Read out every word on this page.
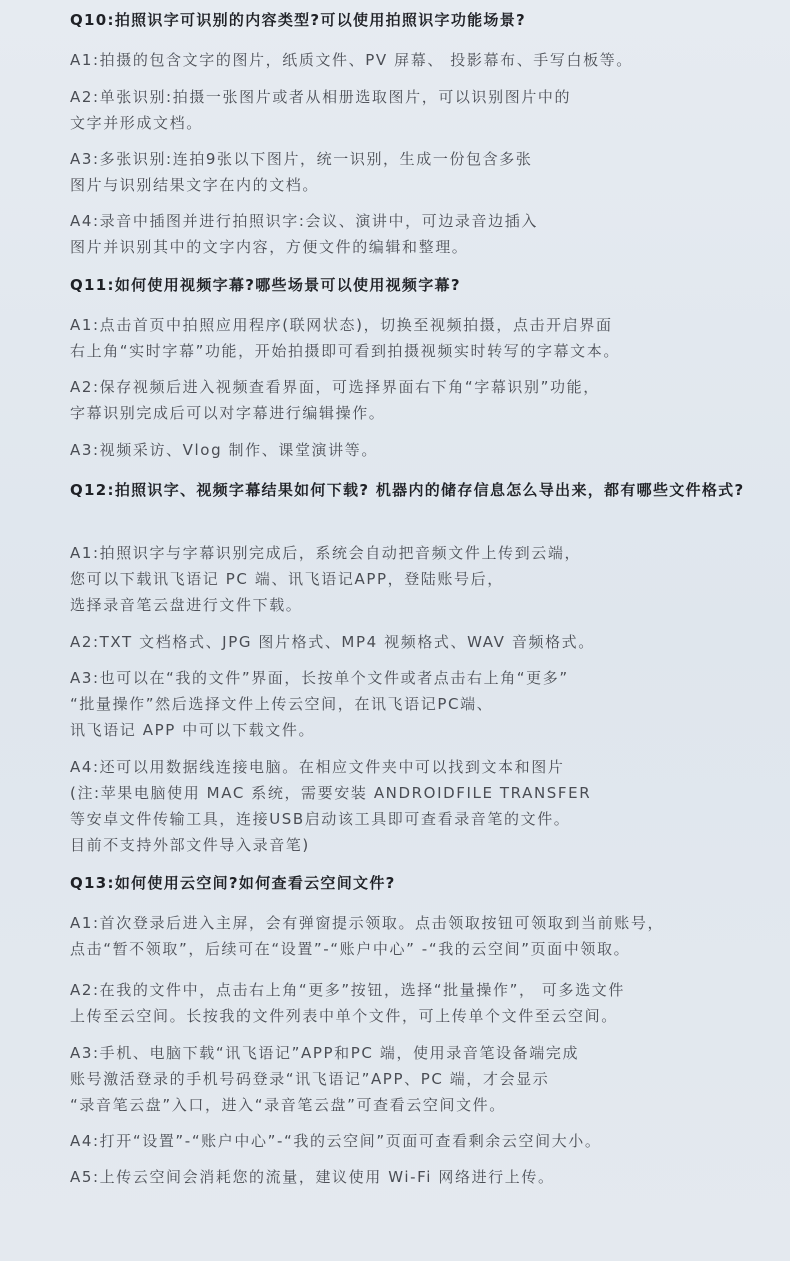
Q10:拍照识字可识别的内容类型?可以使用拍照识字功能场景?
A1:拍摄的包含文字的图片，纸质文件、PV 屏幕、 投影幕布、手写白板等。
A2:单张识别:拍摄一张图片或者从相册选取图片，可以识别图片中的
文字并形成文档。
A3:多张识别:连拍9张以下图片，统一识别，生成一份包含多张
图片与识别结果文字在内的文档。
A4:录音中插图并进行拍照识字:会议、演讲中，可边录音边插入
图片并识别其中的文字内容，方便文件的编辑和整理。
Q11:如何使用视频字幕?哪些场景可以使用视频字幕?
A1:点击首页中拍照应用程序(联网状态)，切换至视频拍摄，点击开启界面
右上角“实时字幕”功能，开始拍摄即可看到拍摄视频实时转写的字幕文本。
A2:保存视频后进入视频查看界面，可选择界面右下角“字幕识别”功能，
字幕识别完成后可以对字幕进行编辑操作。
A3:视频采访、Vlog 制作、课堂演讲等。
Q12:拍照识字、视频字幕结果如何下载? 机器内的储存信息怎么导出来，都有哪些文件格式?
A1:拍照识字与字幕识别完成后，系统会自动把音频文件上传到云端，
您可以下载讯飞语记 PC 端、讯飞语记APP，登陆账号后，
选择录音笔云盘进行文件下载。
A2:TXT 文档格式、JPG 图片格式、MP4 视频格式、WAV 音频格式。
A3:也可以在“我的文件”界面，长按单个文件或者点击右上角“更多”
“批量操作”然后选择文件上传云空间，在讯飞语记PC端、
讯飞语记 APP 中可以下载文件。
A4:还可以用数据线连接电脑。在相应文件夹中可以找到文本和图片
(注:苹果电脑使用 MAC 系统，需要安装 ANDROIDFILE TRANSFER
等安卓文件传输工具，连接USB启动该工具即可查看录音笔的文件。
目前不支持外部文件导入录音笔)
Q13:如何使用云空间?如何查看云空间文件?
A1:首次登录后进入主屏，会有弹窗提示领取。点击领取按钮可领取到当前账号，
点击“暂不领取”，后续可在“设置”-“账户中心” -“我的云空间”页面中领取。
A2:在我的文件中，点击右上角“更多”按钮，选择“批量操作”， 可多选文件
上传至云空间。长按我的文件列表中单个文件，可上传单个文件至云空间。
A3:手机、电脑下载“讯飞语记”APP和PC 端，使用录音笔设备端完成
账号激活登录的手机号码登录“讯飞语记”APP、PC 端，才会显示
“录音笔云盘”入口，进入“录音笔云盘”可查看云空间文件。
A4:打开“设置”-“账户中心”-“我的云空间”页面可查看剩余云空间大小。
A5:上传云空间会消耗您的流量，建议使用 Wi-Fi 网络进行上传。
